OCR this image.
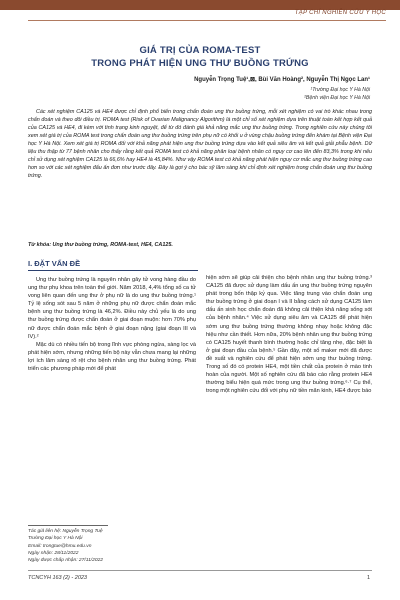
TẠP CHÍ NGHIÊN CỨU Y HỌC
GIÁ TRỊ CỦA ROMA-TEST
TRONG PHÁT HIỆN UNG THƯ BUỒNG TRỨNG
Nguyễn Trọng Tuệ¹,⊠, Bùi Văn Hoàng², Nguyễn Thị Ngọc Lan¹
¹Trường Đại học Y Hà Nội
²Bệnh viện Đại học Y Hà Nội
Các xét nghiệm CA125 và HE4 được chỉ định phổ biến trong chẩn đoán ung thư buồng trứng, mỗi xét nghiệm có vai trò khác nhau trong chẩn đoán và theo dõi điều trị. ROMA test (Risk of Ovarian Malignancy Algorithm) là một chỉ số xét nghiệm dựa trên thuật toán kết hợp kết quả của CA125 và HE4, đi kèm với tình trạng kinh nguyệt, để từ đó đánh giá khả năng mắc ung thư buồng trứng. Trong nghiên cứu này chúng tôi xem xét giá trị của ROMA test trong chẩn đoán ung thư buồng trứng trên phụ nữ có khối u ở vùng chậu buồng trứng đến khám tại Bệnh viện Đại học Y Hà Nội. Xem xét giá trị ROMA đối với khả năng phát hiện ung thư buồng trứng dựa vào kết quả siêu âm và kết quả giải phẫu bệnh. Dữ liệu thu thập từ 77 bệnh nhân cho thấy rằng kết quả ROMA test có khả năng phân loại bệnh nhân có nguy cơ cao lên đến 83,3% trong khi nếu chỉ sử dụng xét nghiệm CA125 là 66,6% hay HE4 là 45,84%. Như vậy ROMA test có khả năng phát hiện nguy cơ mắc ung thư buồng trứng cao hơn so với các xét nghiệm đấu ấn đơn như trước đây. Đây là gợi ý cho bác sỹ lâm sàng khi chỉ định xét nghiệm trong chẩn đoán ung thư buồng trứng.
Từ khóa: Ung thư buồng trứng, ROMA-test, HE4, CA125.
I. ĐẶT VẤN ĐỀ

Ung thư buồng trứng là nguyên nhân gây tử vong hàng đầu do ung thư phụ khoa trên toàn thế giới. Năm 2018, 4,4% tổng số ca tử vong liên quan đến ung thư ở phụ nữ là do ung thư buồng trứng.¹ Tỷ lệ sống sót sau 5 năm ở những phụ nữ được chẩn đoán mắc bệnh ung thư buồng trứng là 46,2%. Điều này chủ yếu là do ung thư buồng trứng được chẩn đoán ở giai đoạn muộn: hơn 70% phụ nữ được chẩn đoán mắc bệnh ở giai đoạn nặng (giai đoạn III và IV).²

Mặc dù có nhiều tiến bộ trong lĩnh vực phòng ngừa, sàng lọc và phát hiện sớm, nhưng những tiến bộ này vẫn chưa mang lại những lợi ích lâm sàng rõ rệt cho bệnh nhân ung thư buồng trứng. Phát triển các phương pháp mới để phát

hiện sớm sẽ giúp cải thiện cho bệnh nhân ung thư buồng trứng.³ CA125 đã được sử dụng làm dấu ấn ung thư buồng trứng nguyên phát trong bốn thập kỷ qua. Việc tăng trung vào chẩn đoán ung thư buồng trứng ở giai đoạn I và II bằng cách sử dụng CA125 làm dấu ấn sinh học chẩn đoán đã không cải thiện khả năng sống sót của bệnh nhân.⁴ Việc sử dụng siêu âm và CA125 để phát hiện sớm ung thư buồng trứng thường không nhạy hoặc không đặc hiệu như cần thiết. Hơn nữa, 20% bệnh nhân ung thư buồng trứng có CA125 huyết thanh bình thường hoặc chỉ tăng nhẹ, đặc biệt là ở giai đoạn đầu của bệnh.⁵ Gần đây, một số maker mới đã được đề xuất và nghiên cứu để phát hiện sớm ung thư buồng trứng. Trong số đó có protein HE4, một tiền chất của protein ở mào tinh hoàn của người. Một số nghiên cứu đã báo cáo rằng protein HE4 thường biểu hiện quá mức trong ung thư buồng trứng.⁶·⁷ Cụ thể, trong một nghiên cứu đối với phụ nữ tiền mãn kinh, HE4 được báo

Tác giả liên hệ: Nguyễn Trọng Tuệ
Trường Đại học Y Hà Nội
Email: trongtue@hmu.edu.vn
Ngày nhận: 28/11/2022
Ngày được chấp nhận: 27/11/2022
TCNCYH 163 (2) - 2023	1
